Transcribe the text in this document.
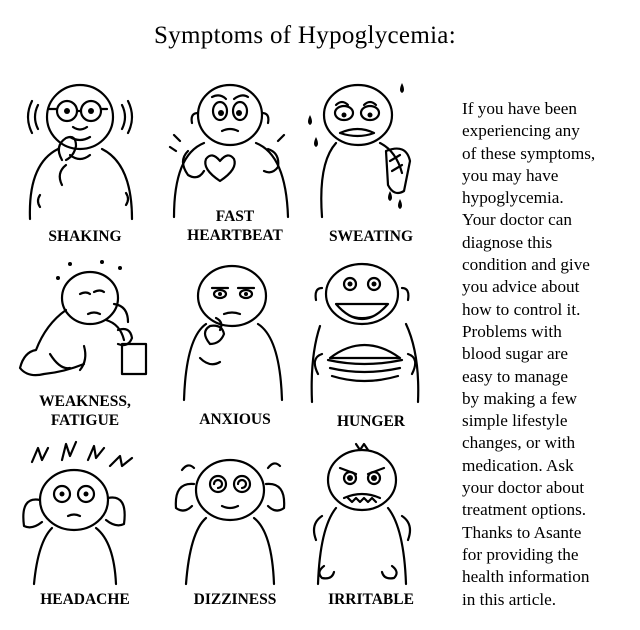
Symptoms of Hypoglycemia:
SHAKING
FAST
HEARTBEAT	SWEATING
WEAKNESS,
FATIGUE	ANXIOUS	HUNGER
HEADACHE	DIZZINESS	IRRITABLE
If you have been
experiencing any
of these symptoms,
you may have
hypoglycemia.
Your doctor can
diagnose this
condition and give
you advice about
how to control it.
Problems with
blood sugar are
easy to manage
by making a few
simple lifestyle
changes, or with
medication. Ask
your doctor about
treatment options.
Thanks to Asante
for providing the
health information
in this article.
